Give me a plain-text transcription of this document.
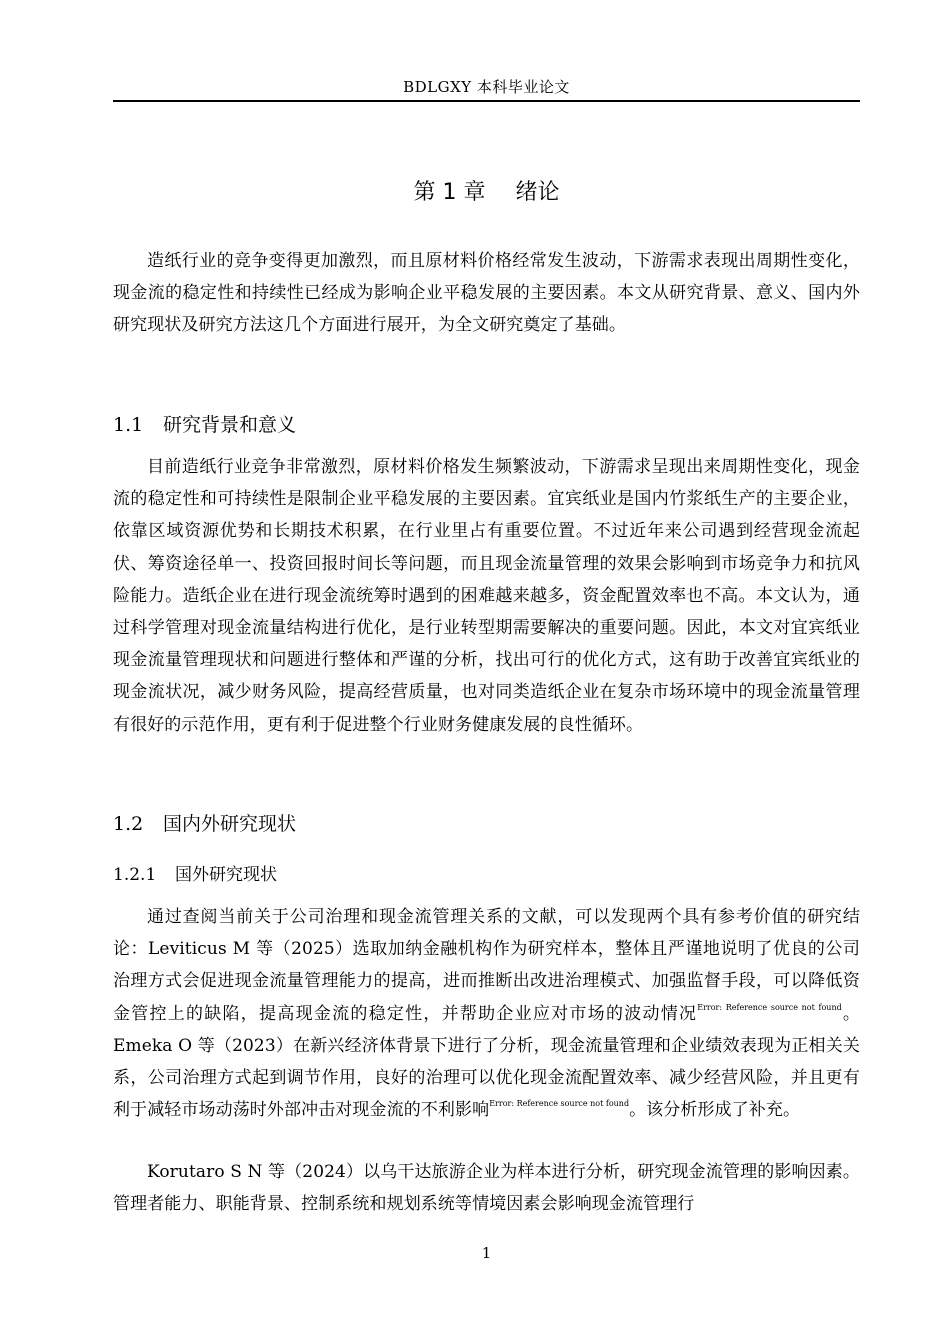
BDLGXY 本科毕业论文
第 1 章 绪论

造纸行业的竞争变得更加激烈，而且原材料价格经常发生波动，下游需求表现出周期性变化，现金流的稳定性和持续性已经成为影响企业平稳发展的主要因素。本文从研究背景、意义、国内外研究现状及研究方法这几个方面进行展开，为全文研究奠定了基础。

1.1 研究背景和意义

目前造纸行业竞争非常激烈，原材料价格发生频繁波动，下游需求呈现出来周期性变化，现金流的稳定性和可持续性是限制企业平稳发展的主要因素。宜宾纸业是国内竹浆纸生产的主要企业，依靠区域资源优势和长期技术积累，在行业里占有重要位置。不过近年来公司遇到经营现金流起伏、筹资途径单一、投资回报时间长等问题，而且现金流量管理的效果会影响到市场竞争力和抗风险能力。造纸企业在进行现金流统筹时遇到的困难越来越多，资金配置效率也不高。本文认为，通过科学管理对现金流量结构进行优化，是行业转型期需要解决的重要问题。因此，本文对宜宾纸业现金流量管理现状和问题进行整体和严谨的分析，找出可行的优化方式，这有助于改善宜宾纸业的现金流状况，减少财务风险，提高经营质量，也对同类造纸企业在复杂市场环境中的现金流量管理有很好的示范作用，更有利于促进整个行业财务健康发展的良性循环。

1.2 国内外研究现状
1.2.1 国外研究现状

通过查阅当前关于公司治理和现金流管理关系的文献，可以发现两个具有参考价值的研究结论：Leviticus M 等（2025）选取加纳金融机构作为研究样本，整体且严谨地说明了优良的公司治理方式会促进现金流量管理能力的提高，进而推断出改进治理模式、加强监督手段，可以降低资金管控上的缺陷，提高现金流的稳定性，并帮助企业应对市场的波动情况$^{Error: Reference source not found}$。Emeka O 等（2023）在新兴经济体背景下进行了分析，现金流量管理和企业绩效表现为正相关关系，公司治理方式起到调节作用，良好的治理可以优化现金流配置效率、减少经营风险，并且更有利于减轻市场动荡时外部冲击对现金流的不利影响$^{Error: Reference source not found}$。该分析形成了补充。

Korutaro S N 等（2024）以乌干达旅游企业为样本进行分析，研究现金流管理的影响因素。管理者能力、职能背景、控制系统和规划系统等情境因素会影响现金流管理行

1
